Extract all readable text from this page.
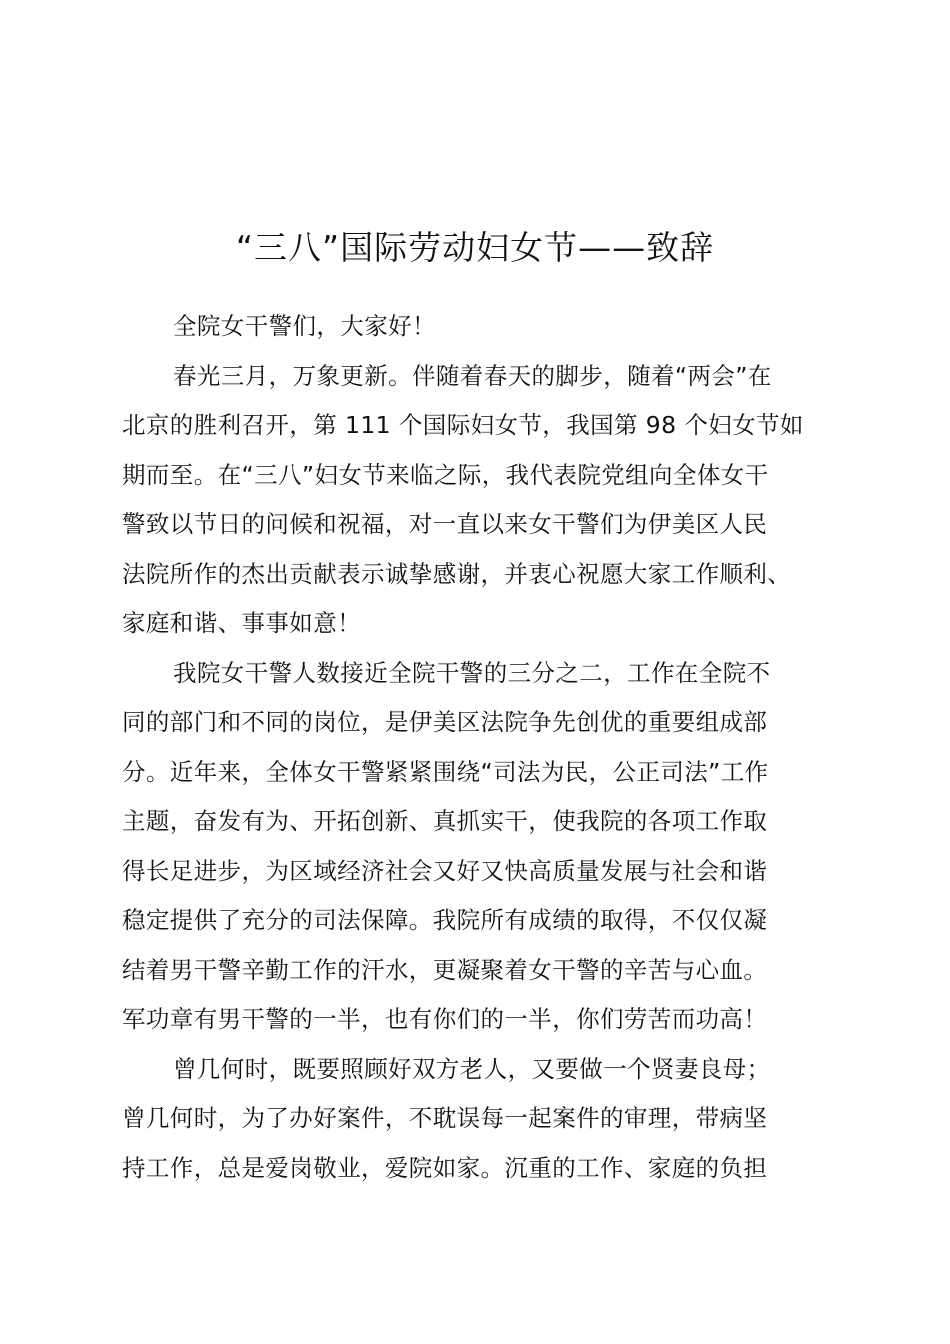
“三八”国际劳动妇女节——致辞
全院女干警们，大家好！
春光三月，万象更新。伴随着春天的脚步，随着“两会”在
北京的胜利召开，第 111 个国际妇女节，我国第 98 个妇女节如
期而至。在“三八”妇女节来临之际，我代表院党组向全体女干
警致以节日的问候和祝福，对一直以来女干警们为伊美区人民
法院所作的杰出贡献表示诚挚感谢，并衷心祝愿大家工作顺利、
家庭和谐、事事如意！
我院女干警人数接近全院干警的三分之二，工作在全院不
同的部门和不同的岗位，是伊美区法院争先创优的重要组成部
分。近年来，全体女干警紧紧围绕“司法为民，公正司法”工作
主题，奋发有为、开拓创新、真抓实干，使我院的各项工作取
得长足进步，为区域经济社会又好又快高质量发展与社会和谐
稳定提供了充分的司法保障。我院所有成绩的取得，不仅仅凝
结着男干警辛勤工作的汗水，更凝聚着女干警的辛苦与心血。
军功章有男干警的一半，也有你们的一半，你们劳苦而功高！
曾几何时，既要照顾好双方老人，又要做一个贤妻良母；
曾几何时，为了办好案件，不耽误每一起案件的审理，带病坚
持工作，总是爱岗敬业，爱院如家。沉重的工作、家庭的负担
